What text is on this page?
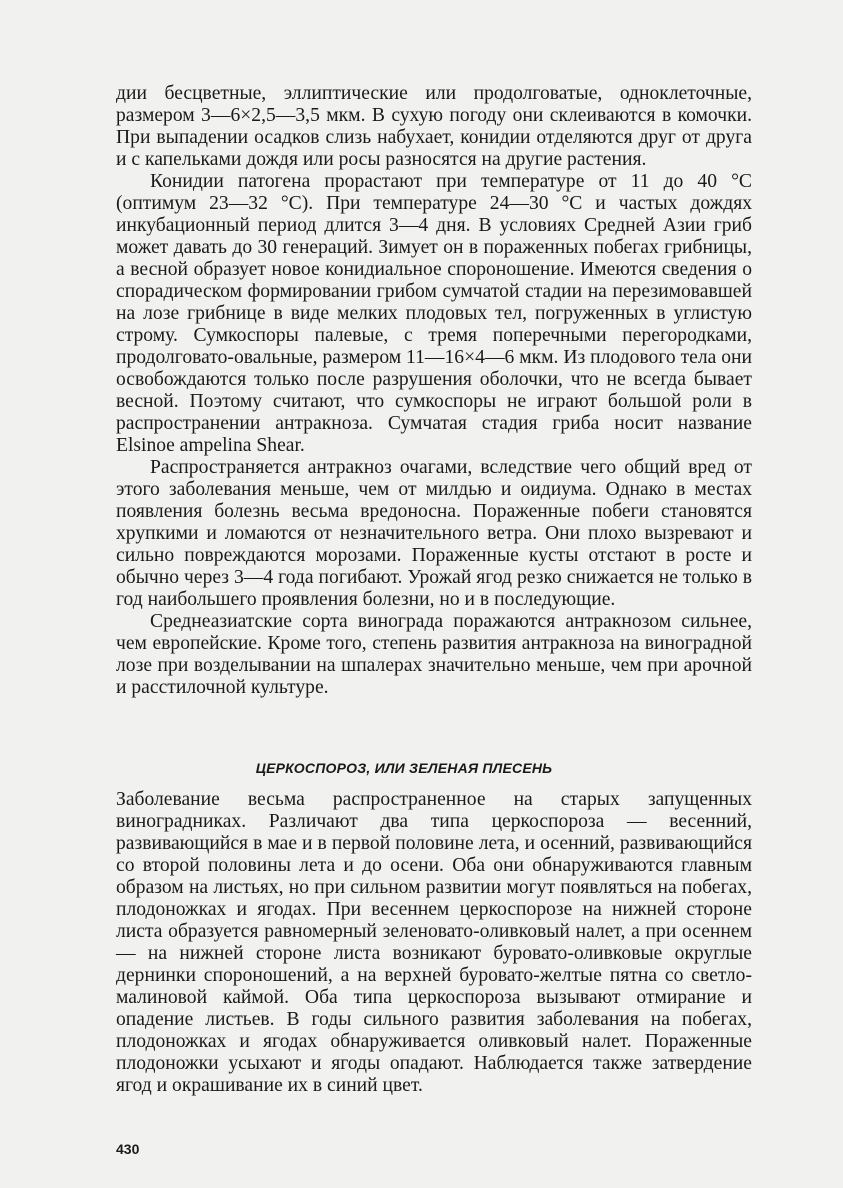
дии бесцветные, эллиптические или продолговатые, одноклеточные, размером 3—6×2,5—3,5 мкм. В сухую погоду они склеиваются в комочки. При выпадении осадков слизь набухает, конидии отделяются друг от друга и с капельками дождя или росы разносятся на другие растения.

Конидии патогена прорастают при температуре от 11 до 40 °С (оптимум 23—32 °С). При температуре 24—30 °С и частых дождях инкубационный период длится 3—4 дня. В условиях Средней Азии гриб может давать до 30 генераций. Зимует он в пораженных побегах грибницы, а весной образует новое конидиальное спороношение. Имеются сведения о спорадическом формировании грибом сумчатой стадии на перезимовавшей на лозе грибнице в виде мелких плодовых тел, погруженных в углистую строму. Сумкоспоры палевые, с тремя поперечными перегородками, продолговато-овальные, размером 11—16×4—6 мкм. Из плодового тела они освобождаются только после разрушения оболочки, что не всегда бывает весной. Поэтому считают, что сумкоспоры не играют большой роли в распространении антракноза. Сумчатая стадия гриба носит название Elsinoe ampelina Shear.

Распространяется антракноз очагами, вследствие чего общий вред от этого заболевания меньше, чем от милдью и оидиума. Однако в местах появления болезнь весьма вредоносна. Пораженные побеги становятся хрупкими и ломаются от незначительного ветра. Они плохо вызревают и сильно повреждаются морозами. Пораженные кусты отстают в росте и обычно через 3—4 года погибают. Урожай ягод резко снижается не только в год наибольшего проявления болезни, но и в последующие.

Среднеазиатские сорта винограда поражаются антракнозом сильнее, чем европейские. Кроме того, степень развития антракноза на виноградной лозе при возделывании на шпалерах значительно меньше, чем при арочной и расстилочной культуре.

ЦЕРКОСПОРОЗ, ИЛИ ЗЕЛЕНАЯ ПЛЕСЕНЬ

Заболевание весьма распространенное на старых запущенных виноградниках. Различают два типа церкоспороза — весенний, развивающийся в мае и в первой половине лета, и осенний, развивающийся со второй половины лета и до осени. Оба они обнаруживаются главным образом на листьях, но при сильном развитии могут появляться на побегах, плодоножках и ягодах. При весеннем церкоспорозе на нижней стороне листа образуется равномерный зеленовато-оливковый налет, а при осеннем — на нижней стороне листа возникают буровато-оливковые округлые дернинки спороношений, а на верхней буровато-желтые пятна со светло-малиновой каймой. Оба типа церкоспороза вызывают отмирание и опадение листьев. В годы сильного развития заболевания на побегах, плодоножках и ягодах обнаруживается оливковый налет. Пораженные плодоножки усыхают и ягоды опадают. Наблюдается также затвердение ягод и окрашивание их в синий цвет.

430
